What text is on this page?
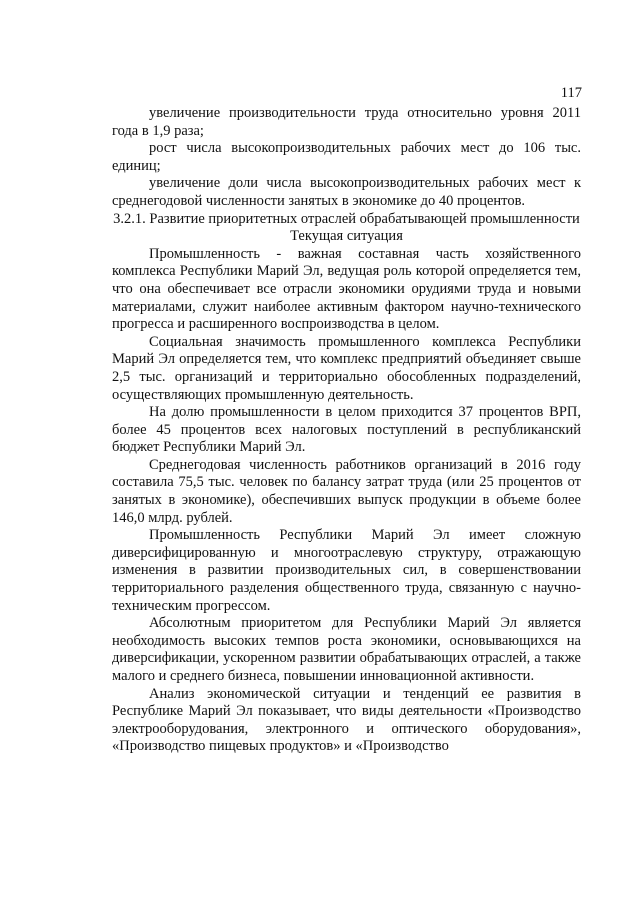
117

увеличение производительности труда относительно уровня 2011 года в 1,9 раза;

рост числа высокопроизводительных рабочих мест до 106 тыс. единиц;

увеличение доли числа высокопроизводительных рабочих мест к среднегодовой численности занятых в экономике до 40 процентов.

3.2.1. Развитие приоритетных отраслей обрабатывающей промышленности

Текущая ситуация

Промышленность - важная составная часть хозяйственного комплекса Республики Марий Эл, ведущая роль которой определяется тем, что она обеспечивает все отрасли экономики орудиями труда и новыми материалами, служит наиболее активным фактором научно-технического прогресса и расширенного воспроизводства в целом.

Социальная значимость промышленного комплекса Республики Марий Эл определяется тем, что комплекс предприятий объединяет свыше 2,5 тыс. организаций и территориально обособленных подразделений, осуществляющих промышленную деятельность.

На долю промышленности в целом приходится 37 процентов ВРП, более 45 процентов всех налоговых поступлений в республиканский бюджет Республики Марий Эл.

Среднегодовая численность работников организаций в 2016 году составила 75,5 тыс. человек по балансу затрат труда (или 25 процентов от занятых в экономике), обеспечивших выпуск продукции в объеме более 146,0 млрд. рублей.

Промышленность Республики Марий Эл имеет сложную диверсифицированную и многоотраслевую структуру, отражающую изменения в развитии производительных сил, в совершенствовании территориального разделения общественного труда, связанную с научно-техническим прогрессом.

Абсолютным приоритетом для Республики Марий Эл является необходимость высоких темпов роста экономики, основывающихся на диверсификации, ускоренном развитии обрабатывающих отраслей, а также малого и среднего бизнеса, повышении инновационной активности.

Анализ экономической ситуации и тенденций ее развития в Республике Марий Эл показывает, что виды деятельности «Производство электрооборудования, электронного и оптического оборудования», «Производство пищевых продуктов» и «Производство
